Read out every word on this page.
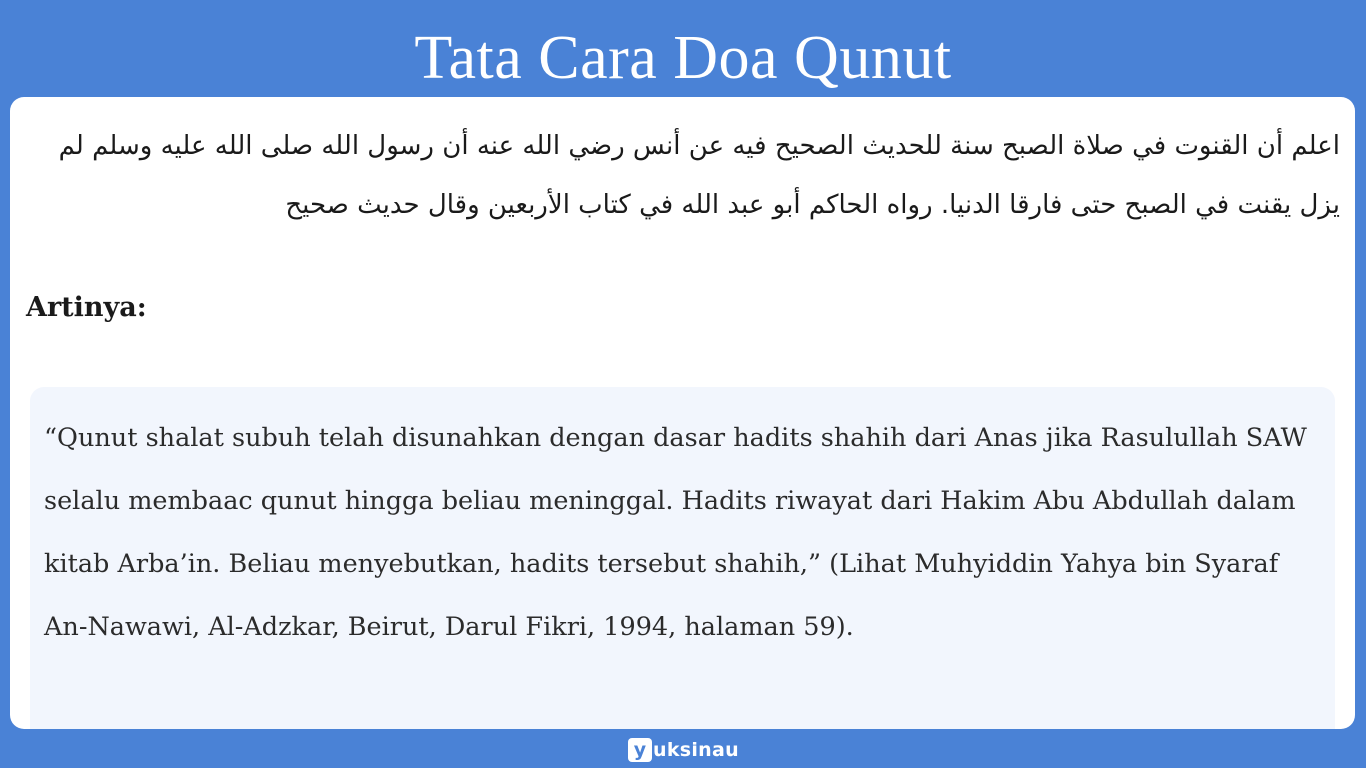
Tata Cara Doa Qunut
اعلم أن القنوت في صلاة الصبح سنة للحديث الصحيح فيه عن أنس رضي الله عنه أن رسول الله صلى الله عليه وسلم لم يزل يقنت في الصبح حتى فارقا الدنيا. رواه الحاكم أبو عبد الله في كتاب الأربعين وقال حديث صحيح
Artinya:
“Qunut shalat subuh telah disunahkan dengan dasar hadits shahih dari Anas jika Rasulullah SAW selalu membaac qunut hingga beliau meninggal. Hadits riwayat dari Hakim Abu Abdullah dalam kitab Arba’in. Beliau menyebutkan, hadits tersebut shahih,” (Lihat Muhyiddin Yahya bin Syaraf An-Nawawi, Al-Adzkar, Beirut, Darul Fikri, 1994, halaman 59).
y uksinau
